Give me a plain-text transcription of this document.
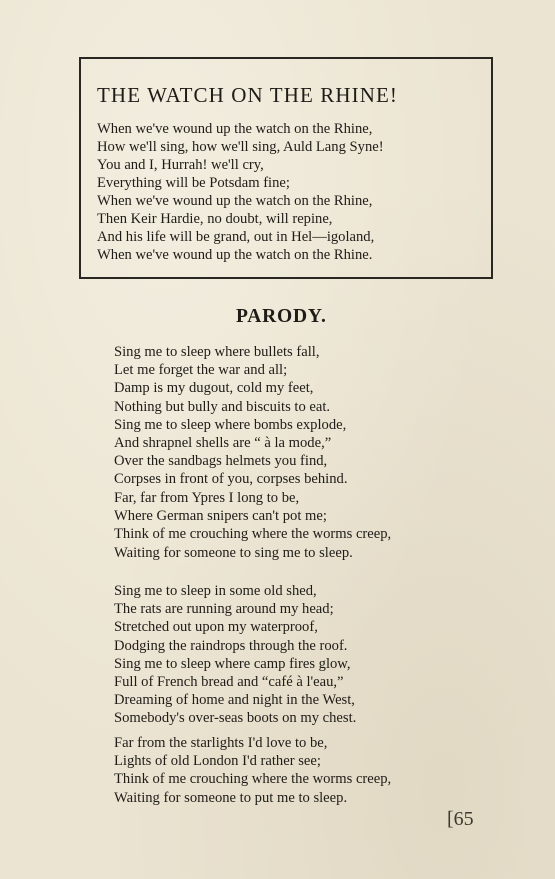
THE WATCH ON THE RHINE!
When we've wound up the watch on the Rhine,
How we'll sing, how we'll sing, Auld Lang Syne!
You and I, Hurrah! we'll cry,
Everything will be Potsdam fine;
When we've wound up the watch on the Rhine,
Then Keir Hardie, no doubt, will repine,
And his life will be grand, out in Hel—igoland,
When we've wound up the watch on the Rhine.
PARODY.
Sing me to sleep where bullets fall,
Let me forget the war and all;
Damp is my dugout, cold my feet,
Nothing but bully and biscuits to eat.
Sing me to sleep where bombs explode,
And shrapnel shells are “ à la mode,”
Over the sandbags helmets you find,
Corpses in front of you, corpses behind.
Far, far from Ypres I long to be,
Where German snipers can't pot me;
Think of me crouching where the worms creep,
Waiting for someone to sing me to sleep.
Sing me to sleep in some old shed,
The rats are running around my head;
Stretched out upon my waterproof,
Dodging the raindrops through the roof.
Sing me to sleep where camp fires glow,
Full of French bread and “café à l'eau,”
Dreaming of home and night in the West,
Somebody's over-seas boots on my chest.
Far from the starlights I'd love to be,
Lights of old London I'd rather see;
Think of me crouching where the worms creep,
Waiting for someone to put me to sleep.
[65
